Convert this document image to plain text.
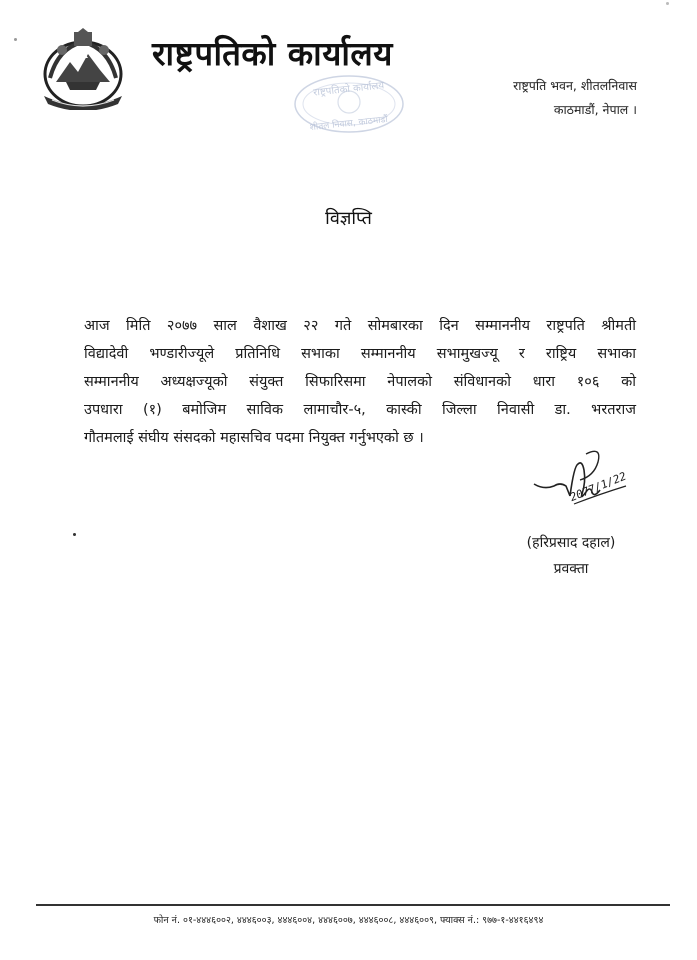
राष्ट्रपतिको कार्यालय
राष्ट्रपतिको कार्यालय
शीतल निवास, काठमाडौं
राष्ट्रपति भवन, शीतलनिवास
काठमाडौं, नेपाल ।
विज्ञप्ति
आज मिति २०७७ साल वैशाख २२ गते सोमबारका दिन सम्माननीय राष्ट्रपति श्रीमती
विद्यादेवी भण्डारीज्यूले प्रतिनिधि सभाका सम्माननीय सभामुखज्यू र राष्ट्रिय सभाका
सम्माननीय अध्यक्षज्यूको संयुक्त सिफारिसमा नेपालको संविधानको धारा १०६ को
उपधारा (१) बमोजिम साविक लामाचौर-५, कास्की जिल्ला निवासी डा. भरतराज
गौतमलाई संघीय संसदको महासचिव पदमा नियुक्त गर्नुभएको छ ।
2077/1/22
(हरिप्रसाद दहाल)
प्रवक्ता
फोन नं. ०१-४४४६००२, ४४४६००३, ४४४६००४, ४४४६००७, ४४४६००८, ४४४६००९, फ्याक्स नं.: ९७७-१-४४१६४९४
